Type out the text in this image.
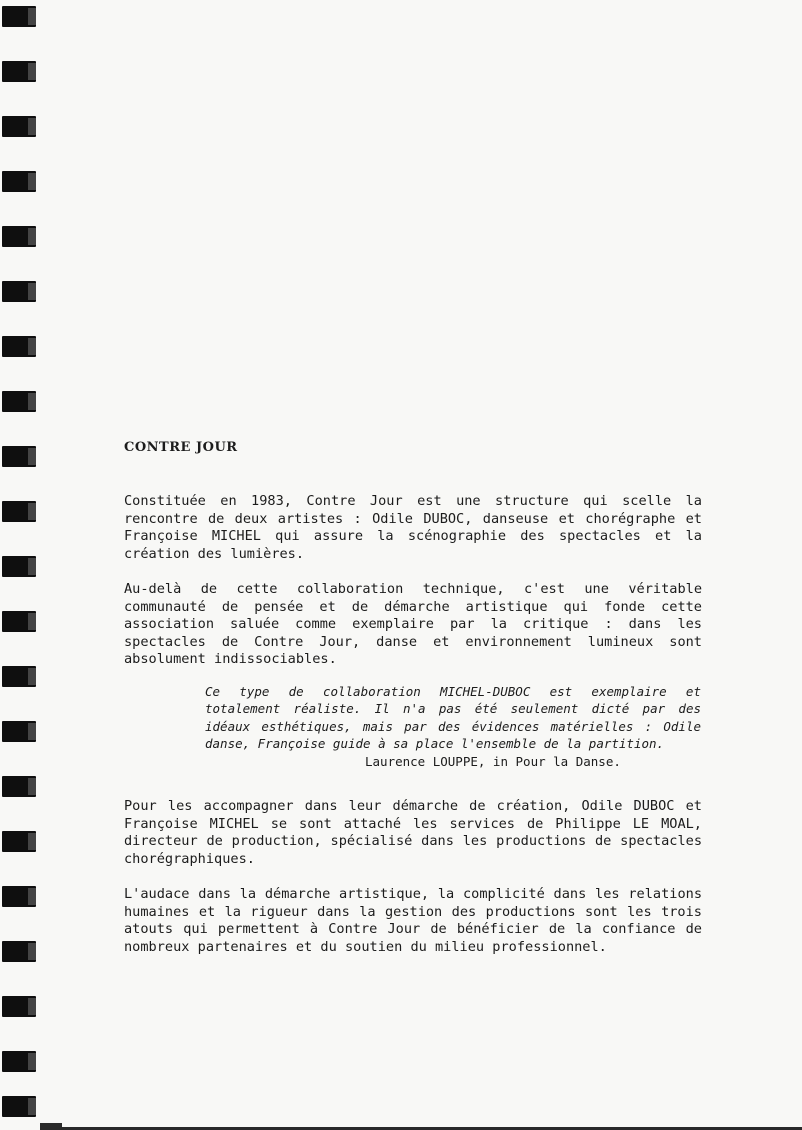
CONTRE JOUR

Constituée en 1983, Contre Jour est une structure qui scelle la rencontre de deux artistes : Odile DUBOC, danseuse et chorégraphe et Françoise MICHEL qui assure la scénographie des spectacles et la création des lumières.

Au-delà de cette collaboration technique, c'est une véritable communauté de pensée et de démarche artistique qui fonde cette association saluée comme exemplaire par la critique : dans les spectacles de Contre Jour, danse et environnement lumineux sont absolument indissociables.

Ce type de collaboration MICHEL-DUBOC est exemplaire et totalement réaliste. Il n'a pas été seulement dicté par des idéaux esthétiques, mais par des évidences matérielles : Odile danse, Françoise guide à sa place l'ensemble de la partition.

Laurence LOUPPE, in Pour la Danse.

Pour les accompagner dans leur démarche de création, Odile DUBOC et Françoise MICHEL se sont attaché les services de Philippe LE MOAL, directeur de production, spécialisé dans les productions de spectacles chorégraphiques.

L'audace dans la démarche artistique, la complicité dans les relations humaines et la rigueur dans la gestion des productions sont les trois atouts qui permettent à Contre Jour de bénéficier de la confiance de nombreux partenaires et du soutien du milieu professionnel.
